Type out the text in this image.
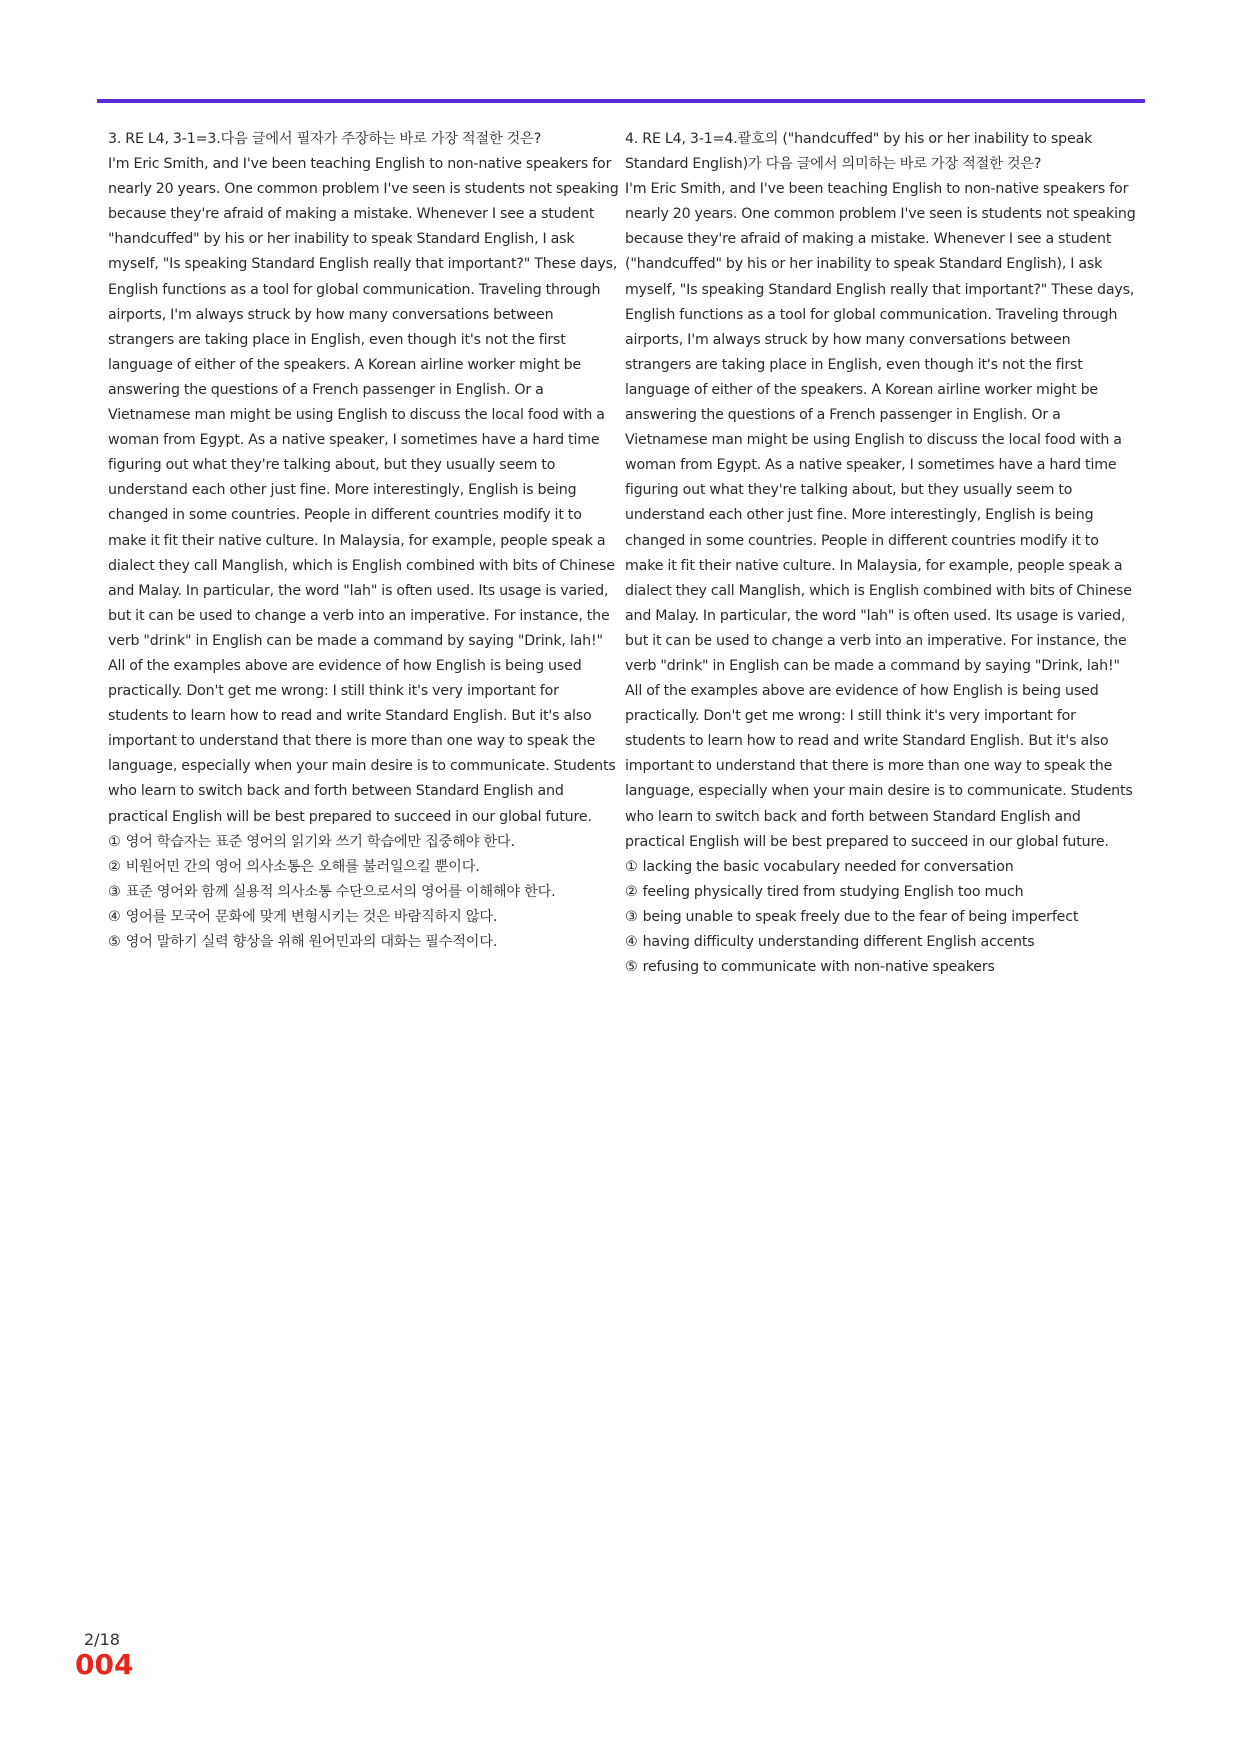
3. RE L4, 3-1=3.다음 글에서 필자가 주장하는 바로 가장 적절한 것은?

I'm Eric Smith, and I've been teaching English to non-native speakers for nearly 20 years. One common problem I've seen is students not speaking because they're afraid of making a mistake. Whenever I see a student "handcuffed" by his or her inability to speak Standard English, I ask myself, "Is speaking Standard English really that important?" These days, English functions as a tool for global communication. Traveling through airports, I'm always struck by how many conversations between strangers are taking place in English, even though it's not the first language of either of the speakers. A Korean airline worker might be answering the questions of a French passenger in English. Or a Vietnamese man might be using English to discuss the local food with a woman from Egypt. As a native speaker, I sometimes have a hard time figuring out what they're talking about, but they usually seem to understand each other just fine. More interestingly, English is being changed in some countries. People in different countries modify it to make it fit their native culture. In Malaysia, for example, people speak a dialect they call Manglish, which is English combined with bits of Chinese and Malay. In particular, the word "lah" is often used. Its usage is varied, but it can be used to change a verb into an imperative. For instance, the verb "drink" in English can be made a command by saying "Drink, lah!" All of the examples above are evidence of how English is being used practically. Don't get me wrong: I still think it's very important for students to learn how to read and write Standard English. But it's also important to understand that there is more than one way to speak the language, especially when your main desire is to communicate. Students who learn to switch back and forth between Standard English and practical English will be best prepared to succeed in our global future.

① 영어 학습자는 표준 영어의 읽기와 쓰기 학습에만 집중해야 한다.
② 비원어민 간의 영어 의사소통은 오해를 불러일으킬 뿐이다.
③ 표준 영어와 함께 실용적 의사소통 수단으로서의 영어를 이해해야 한다.
④ 영어를 모국어 문화에 맞게 변형시키는 것은 바람직하지 않다.
⑤ 영어 말하기 실력 향상을 위해 원어민과의 대화는 필수적이다.

4. RE L4, 3-1=4.괄호의 ("handcuffed" by his or her inability to speak Standard English)가 다음 글에서 의미하는 바로 가장 적절한 것은?

I'm Eric Smith, and I've been teaching English to non-native speakers for nearly 20 years. One common problem I've seen is students not speaking because they're afraid of making a mistake. Whenever I see a student ("handcuffed" by his or her inability to speak Standard English), I ask myself, "Is speaking Standard English really that important?" These days, English functions as a tool for global communication. Traveling through airports, I'm always struck by how many conversations between strangers are taking place in English, even though it's not the first language of either of the speakers. A Korean airline worker might be answering the questions of a French passenger in English. Or a Vietnamese man might be using English to discuss the local food with a woman from Egypt. As a native speaker, I sometimes have a hard time figuring out what they're talking about, but they usually seem to understand each other just fine. More interestingly, English is being changed in some countries. People in different countries modify it to make it fit their native culture. In Malaysia, for example, people speak a dialect they call Manglish, which is English combined with bits of Chinese and Malay. In particular, the word "lah" is often used. Its usage is varied, but it can be used to change a verb into an imperative. For instance, the verb "drink" in English can be made a command by saying "Drink, lah!" All of the examples above are evidence of how English is being used practically. Don't get me wrong: I still think it's very important for students to learn how to read and write Standard English. But it's also important to understand that there is more than one way to speak the language, especially when your main desire is to communicate. Students who learn to switch back and forth between Standard English and practical English will be best prepared to succeed in our global future.

① lacking the basic vocabulary needed for conversation
② feeling physically tired from studying English too much
③ being unable to speak freely due to the fear of being imperfect
④ having difficulty understanding different English accents
⑤ refusing to communicate with non-native speakers
2/18
004
